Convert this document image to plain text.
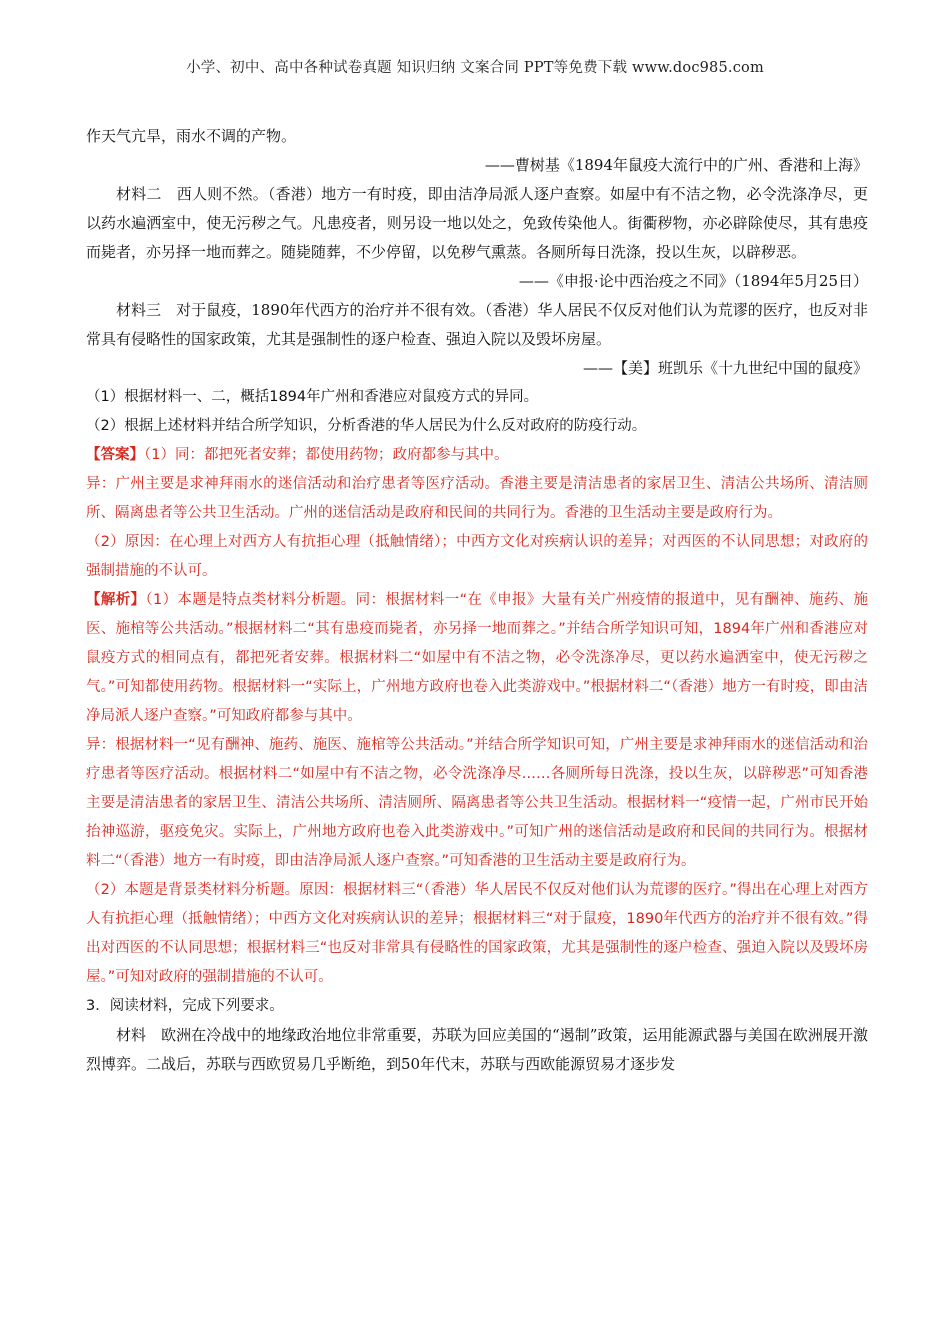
小学、初中、高中各种试卷真题 知识归纳 文案合同 PPT等免费下载 www.doc985.com

作天气亢旱，雨水不调的产物。

——曹树基《1894年鼠疫大流行中的广州、香港和上海》

材料二　西人则不然。（香港）地方一有时疫，即由洁净局派人逐户查察。如屋中有不洁之物，必令洗涤净尽，更以药水遍洒室中，使无污秽之气。凡患疫者，则另设一地以处之，免致传染他人。街衢秽物，亦必辟除使尽，其有患疫而毙者，亦另择一地而葬之。随毙随葬，不少停留，以免秽气熏蒸。各厕所每日洗涤，投以生灰，以辟秽恶。

——《申报·论中西治疫之不同》（1894年5月25日）

材料三　对于鼠疫，1890年代西方的治疗并不很有效。（香港）华人居民不仅反对他们认为荒谬的医疗，也反对非常具有侵略性的国家政策，尤其是强制性的逐户检查、强迫入院以及毁坏房屋。

——【美】班凯乐《十九世纪中国的鼠疫》

（1）根据材料一、二，概括1894年广州和香港应对鼠疫方式的异同。

（2）根据上述材料并结合所学知识，分析香港的华人居民为什么反对政府的防疫行动。

【答案】（1）同：都把死者安葬；都使用药物；政府都参与其中。

异：广州主要是求神拜雨水的迷信活动和治疗患者等医疗活动。香港主要是清洁患者的家居卫生、清洁公共场所、清洁厕所、隔离患者等公共卫生活动。广州的迷信活动是政府和民间的共同行为。香港的卫生活动主要是政府行为。

（2）原因：在心理上对西方人有抗拒心理（抵触情绪）；中西方文化对疾病认识的差异；对西医的不认同思想；对政府的强制措施的不认可。

【解析】（1）本题是特点类材料分析题。同：根据材料一“在《申报》大量有关广州疫情的报道中，见有酬神、施药、施医、施棺等公共活动。”根据材料二“其有患疫而毙者，亦另择一地而葬之。”并结合所学知识可知，1894年广州和香港应对鼠疫方式的相同点有，都把死者安葬。根据材料二“如屋中有不洁之物，必令洗涤净尽，更以药水遍洒室中，使无污秽之气。”可知都使用药物。根据材料一“实际上，广州地方政府也卷入此类游戏中。”根据材料二“（香港）地方一有时疫，即由洁净局派人逐户查察。”可知政府都参与其中。

异：根据材料一“见有酬神、施药、施医、施棺等公共活动。”并结合所学知识可知，广州主要是求神拜雨水的迷信活动和治疗患者等医疗活动。根据材料二“如屋中有不洁之物，必令洗涤净尽……各厕所每日洗涤，投以生灰，以辟秽恶”可知香港主要是清洁患者的家居卫生、清洁公共场所、清洁厕所、隔离患者等公共卫生活动。根据材料一“疫情一起，广州市民开始抬神巡游，驱疫免灾。实际上，广州地方政府也卷入此类游戏中。”可知广州的迷信活动是政府和民间的共同行为。根据材料二“（香港）地方一有时疫，即由洁净局派人逐户查察。”可知香港的卫生活动主要是政府行为。

（2）本题是背景类材料分析题。原因：根据材料三“（香港）华人居民不仅反对他们认为荒谬的医疗。”得出在心理上对西方人有抗拒心理（抵触情绪）；中西方文化对疾病认识的差异；根据材料三“对于鼠疫，1890年代西方的治疗并不很有效。”得出对西医的不认同思想；根据材料三“也反对非常具有侵略性的国家政策，尤其是强制性的逐户检查、强迫入院以及毁坏房屋。”可知对政府的强制措施的不认可。

3．阅读材料，完成下列要求。

材料　欧洲在冷战中的地缘政治地位非常重要，苏联为回应美国的“遏制”政策，运用能源武器与美国在欧洲展开激烈博弈。二战后，苏联与西欧贸易几乎断绝，到50年代末，苏联与西欧能源贸易才逐步发
